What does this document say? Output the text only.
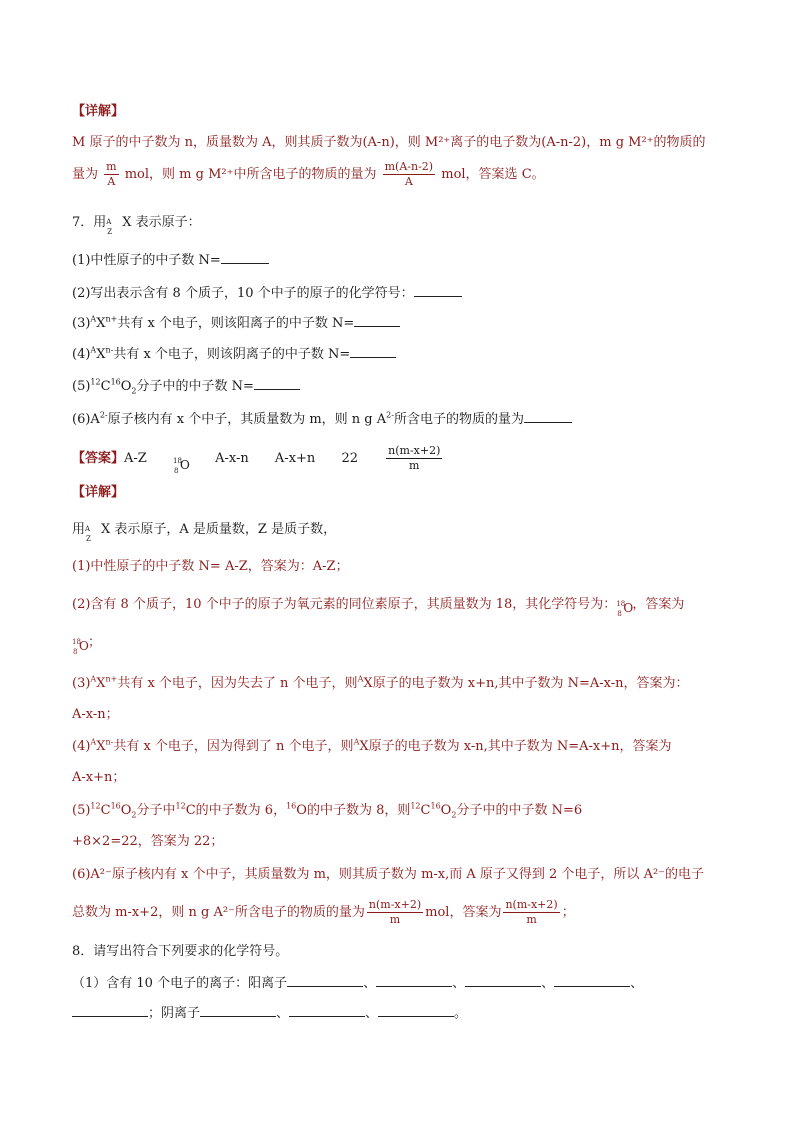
【详解】
M 原子的中子数为 n，质量数为 A，则其质子数为(A-n)，则 M²⁺离子的电子数为(A-n-2)，m g M²⁺的物质的
量为 $\frac{m}{A}$ mol，则 m g M²⁺中所含电子的物质的量为 $\frac{m(A-n-2)}{A}$ mol，答案选 C。
7．用 A
Z
X 表示原子：
(1)中性原子的中子数 N=
(2)写出表示含有 8 个质子，10 个中子的原子的化学符号：
$(3)^AX^{n+}$共有 x 个电子，则该阳离子的中子数 N=
$(4)^AX^{n-}$共有 x 个电子，则该阴离子的中子数 N=
$(5)^{12}C^{16}O_2$分子中的中子数 N=
$(6)A^{2-}$原子核内有 x 个中子，其质量数为 m，则 n g $A^{2-}$所含电子的物质的量为
【答案】A-Z	18
8 O A-x-n A-x+n 22	$\frac{n(m-x+2)}{m}$
【详解】
用 A
Z
X 表示原子，A 是质量数，Z 是质子数，
(1)中性原子的中子数 N= A-Z，答案为：A-Z；
(2)含有 8 个质子，10 个中子的原子为氧元素的同位素原子，其质量数为 18，其化学符号为： 18
8 O ，答案为
18
8 O ；
$(3)^AX^{n+}$共有 x 个电子，因为失去了 n 个电子，则$^A$X原子的电子数为 x+n,其中子数为 N=A-x-n，答案为：
A-x-n；
$(4)^AX^{n-}$共有 x 个电子，因为得到了 n 个电子，则$^A$X原子的电子数为 x-n,其中子数为 N=A-x+n，答案为
A-x+n；
$(5)^{12}C^{16}O_2$分子中$^{12}$C的中子数为 6，$^{16}$O的中子数为 8，则$^{12}C^{16}O_2$分子中的中子数 N=6
+8×2=22，答案为 22；
(6)A²⁻原子核内有 x 个中子，其质量数为 m，则其质子数为 m-x,而 A 原子又得到 2 个电子，所以 A²⁻的电子
总数为 m-x+2，则 n g A²⁻所含电子的物质的量为 $\frac{n(m-x+2)}{m}$ mol，答案为 $\frac{n(m-x+2)}{m}$ ；
8．请写出符合下列要求的化学符号。
（1）含有 10 个电子的离子：阳离子	、	、	、	、
；阴离子	、	、	。
